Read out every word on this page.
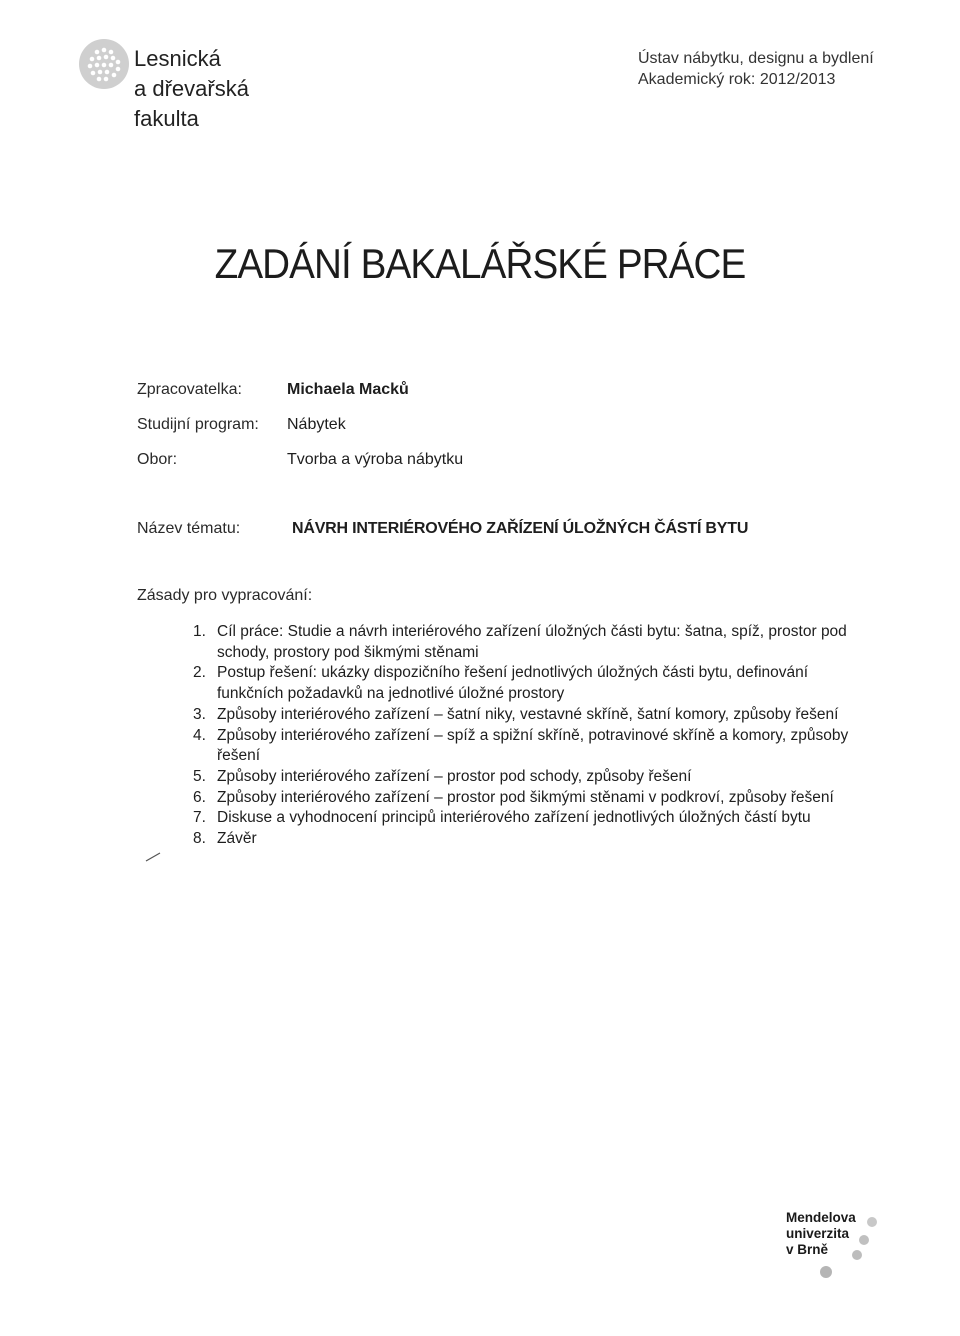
Lesnická
a dřevařská
fakulta
Ústav nábytku, designu a bydlení
Akademický rok: 2012/2013
ZADÁNÍ BAKALÁŘSKÉ PRÁCE
Zpracovatelka:	Michaela Macků
Studijní program: Nábytek
Obor:	Tvorba a výroba nábytku
Název tématu:	NÁVRH INTERIÉROVÉHO ZAŘÍZENÍ ÚLOŽNÝCH ČÁSTÍ BYTU
Zásady pro vypracování:
1. Cíl práce: Studie a návrh interiérového zařízení úložných části bytu: šatna, spíž, prostor pod schody, prostory pod šikmými stěnami
2. Postup řešení: ukázky dispozičního řešení jednotlivých úložných části bytu, definování funkčních požadavků na jednotlivé úložné prostory
3. Způsoby interiérového zařízení – šatní niky, vestavné skříně, šatní komory, způsoby řešení
4. Způsoby interiérového zařízení – spíž a spižní skříně, potravinové skříně a komory, způsoby řešení
5. Způsoby interiérového zařízení – prostor pod schody, způsoby řešení
6. Způsoby interiérového zařízení – prostor pod šikmými stěnami v podkroví, způsoby řešení
7. Diskuse a vyhodnocení principů interiérového zařízení jednotlivých úložných částí bytu
8. Závěr
Mendelova
univerzita
v Brně
